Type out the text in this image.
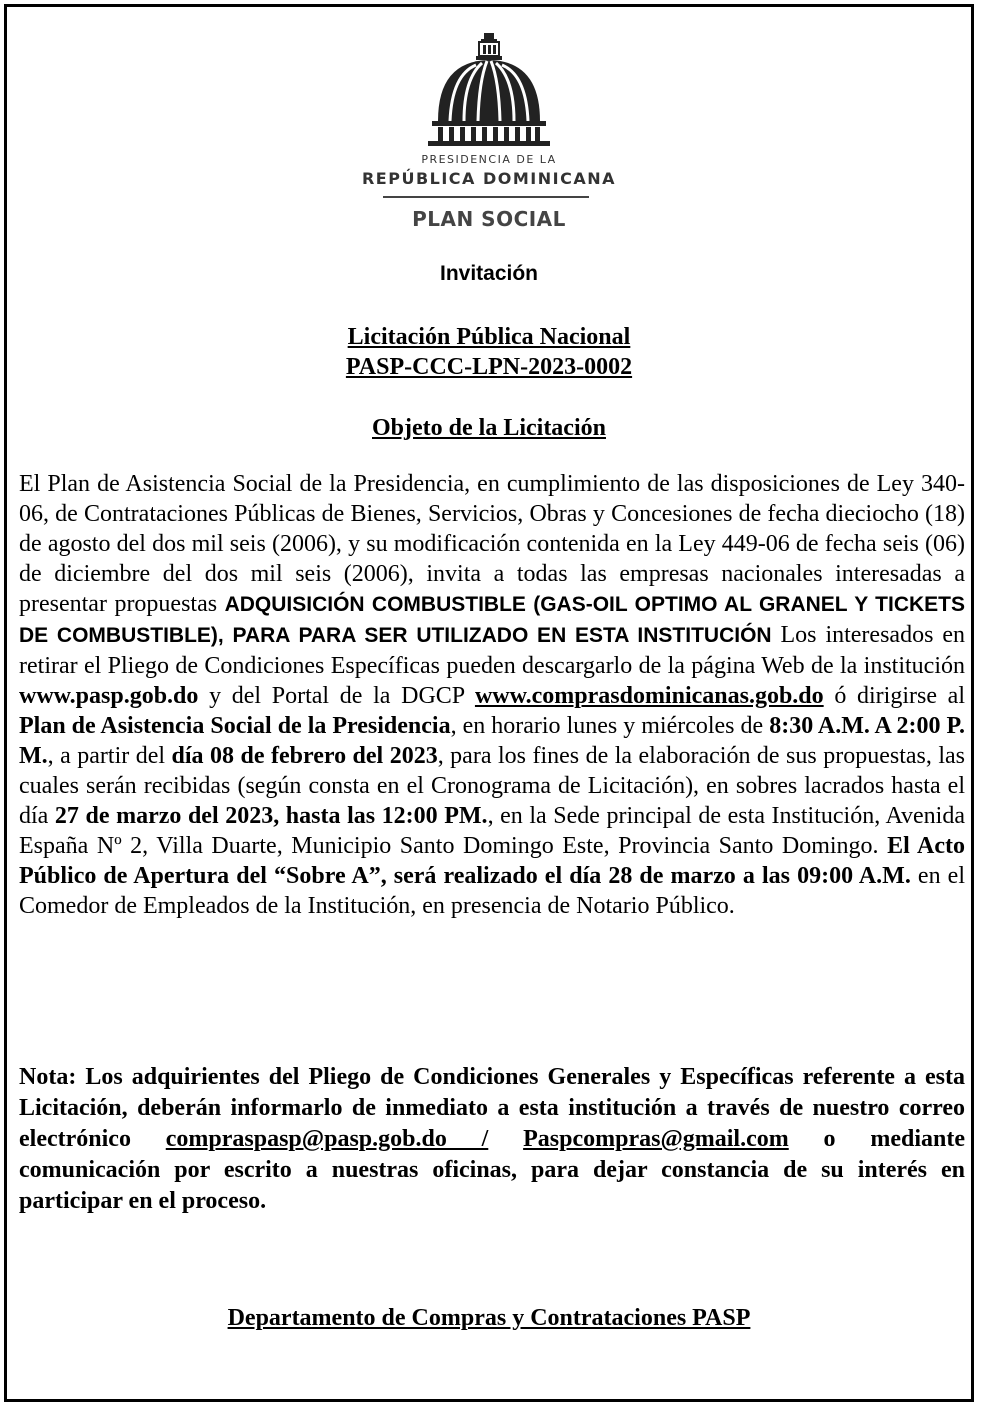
PRESIDENCIA DE LA
REPÚBLICA DOMINICANA
PLAN SOCIAL
Invitación
Licitación Pública Nacional
PASP-CCC-LPN-2023-0002
Objeto de la Licitación
El Plan de Asistencia Social de la Presidencia, en cumplimiento de las disposiciones de Ley 340-06, de Contrataciones Públicas de Bienes, Servicios, Obras y Concesiones de fecha dieciocho (18) de agosto del dos mil seis (2006), y su modificación contenida en la Ley 449-06 de fecha seis (06) de diciembre del dos mil seis (2006), invita a todas las empresas nacionales interesadas a presentar propuestas ADQUISICIÓN COMBUSTIBLE (GAS-OIL OPTIMO AL GRANEL Y TICKETS DE COMBUSTIBLE), PARA PARA SER UTILIZADO EN ESTA INSTITUCIÓN Los interesados en retirar el Pliego de Condiciones Específicas pueden descargarlo de la página Web de la institución www.pasp.gob.do y del Portal de la DGCP www.comprasdominicanas.gob.do ó dirigirse al Plan de Asistencia Social de la Presidencia, en horario lunes y miércoles de 8:30 A.M. A 2:00 P. M., a partir del día 08 de febrero del 2023, para los fines de la elaboración de sus propuestas, las cuales serán recibidas (según consta en el Cronograma de Licitación), en sobres lacrados hasta el día 27 de marzo del 2023, hasta las 12:00 PM., en la Sede principal de esta Institución, Avenida España Nº 2, Villa Duarte, Municipio Santo Domingo Este, Provincia Santo Domingo. El Acto Público de Apertura del “Sobre A”, será realizado el día 28 de marzo a las 09:00 A.M. en el Comedor de Empleados de la Institución, en presencia de Notario Público.
Nota: Los adquirientes del Pliego de Condiciones Generales y Específicas referente a esta Licitación, deberán informarlo de inmediato a esta institución a través de nuestro correo electrónico compraspasp@pasp.gob.do / Paspcompras@gmail.com o mediante comunicación por escrito a nuestras oficinas, para dejar constancia de su interés en participar en el proceso.
Departamento de Compras y Contrataciones PASP
